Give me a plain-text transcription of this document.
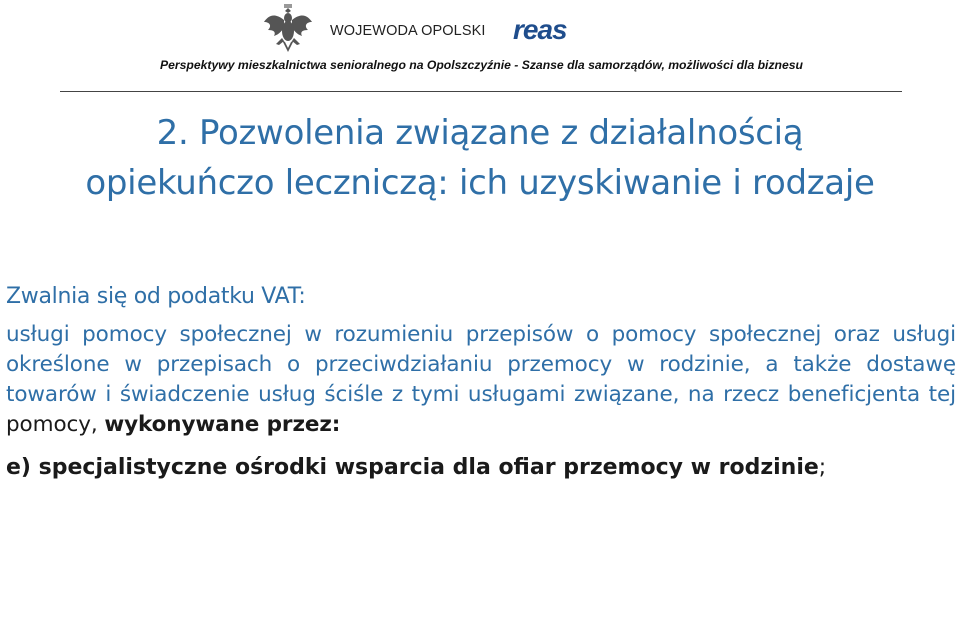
WOJEWODA OPOLSKI reas
Perspektywy mieszkalnictwa senioralnego na Opolszczyźnie - Szanse dla samorządów, możliwości dla biznesu
2. Pozwolenia związane z działalnością
opiekuńczo leczniczą: ich uzyskiwanie i rodzaje

Zwalnia się od podatku VAT:

usługi pomocy społecznej w rozumieniu przepisów o pomocy społecznej oraz usługi określone w przepisach o przeciwdziałaniu przemocy w rodzinie, a także dostawę towarów i świadczenie usług ściśle z tymi usługami związane, na rzecz beneficjenta tej pomocy, wykonywane przez:

e) specjalistyczne ośrodki wsparcia dla ofiar przemocy w rodzinie;
